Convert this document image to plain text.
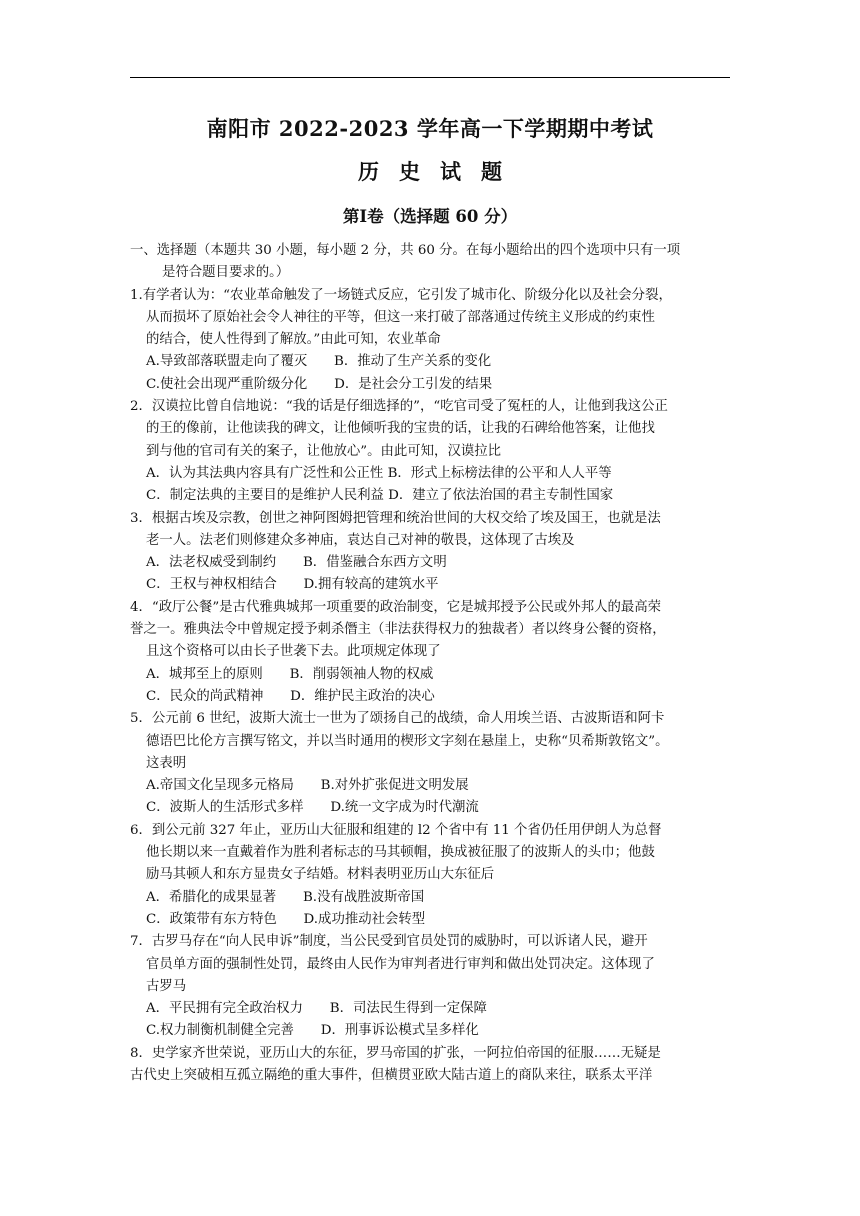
南阳市 2022-2023 学年高一下学期期中考试
历史试题
第Ⅰ卷（选择题 60 分）
一、选择题（本题共 30 小题，每小题 2 分，共 60 分。在每小题给出的四个选项中只有一项
是符合题目要求的。）
1.有学者认为：“农业革命触发了一场链式反应，它引发了城市化、阶级分化以及社会分裂，
从而损坏了原始社会令人神往的平等，但这一来打破了部落通过传统主义形成的约束性
的结合，使人性得到了解放。”由此可知，农业革命
A.导致部落联盟走向了覆灭　　B．推动了生产关系的变化
C.使社会出现严重阶级分化　　D．是社会分工引发的结果
2．汉谟拉比曾自信地说：“我的话是仔细选择的”，“吃官司受了冤枉的人，让他到我这公正
的王的像前，让他读我的碑文，让他倾听我的宝贵的话，让我的石碑给他答案，让他找
到与他的官司有关的案子，让他放心”。由此可知，汉谟拉比
A．认为其法典内容具有广泛性和公正性 B．形式上标榜法律的公平和人人平等
C．制定法典的主要目的是维护人民利益 D．建立了依法治国的君主专制性国家
3．根据古埃及宗教，创世之神阿图姆把管理和统治世间的大权交给了埃及国王，也就是法
老一人。法老们则修建众多神庙，袁达自己对神的敬畏，这体现了古埃及
A．法老权威受到制约　　B．借鉴融合东西方文明
C．王权与神权相结合　　D.拥有较高的建筑水平
4．“政厅公餐”是古代雅典城邦一项重要的政治制变，它是城邦授予公民或外邦人的最高荣
誉之一。雅典法令中曾规定授予刺杀僭主（非法获得权力的独裁者）者以终身公餐的资格，
且这个资格可以由长子世袭下去。此项规定体现了
A．城邦至上的原则　　B．削弱领袖人物的权威
C．民众的尚武精神　　D．维护民主政治的决心
5．公元前 6 世纪，波斯大流士一世为了颂扬自己的战绩，命人用埃兰语、古波斯语和阿卡
德语巴比伦方言撰写铭文，并以当时通用的楔形文字刻在悬崖上，史称“贝希斯敦铭文”。
这表明
A.帝国文化呈现多元格局　　B.对外扩张促进文明发展
C．波斯人的生活形式多样　　D.统一文字成为时代潮流
6．到公元前 327 年止，亚历山大征服和组建的 l2 个省中有 11 个省仍任用伊朗人为总督
他长期以来一直戴着作为胜利者标志的马其顿帽，换成被征服了的波斯人的头巾；他鼓
励马其顿人和东方显贵女子结婚。材料表明亚历山大东征后
A．希腊化的成果显著　　B.没有战胜波斯帝国
C．政策带有东方特色　　D.成功推动社会转型
7．古罗马存在“向人民申诉”制度，当公民受到官员处罚的威胁时，可以诉诸人民，避开
官员单方面的强制性处罚，最终由人民作为审判者进行审判和做出处罚决定。这体现了
古罗马
A．平民拥有完全政治权力　　B．司法民生得到一定保障
C.权力制衡机制健全完善　　D．刑事诉讼模式呈多样化
8．史学家齐世荣说，亚历山大的东征，罗马帝国的扩张，一阿拉伯帝国的征服……无疑是
古代史上突破相互孤立隔绝的重大事件，但横贯亚欧大陆古道上的商队来往，联系太平洋
